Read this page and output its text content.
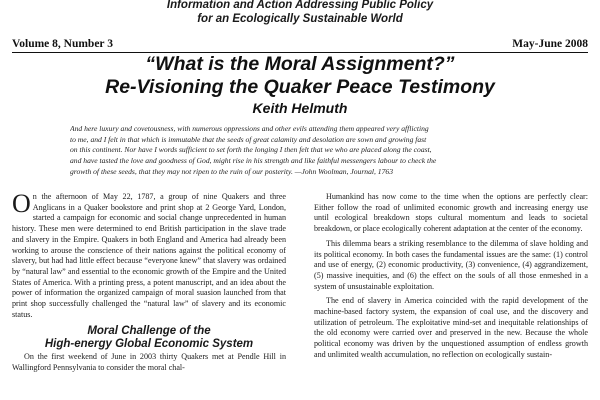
Information and Action Addressing Public Policy
for an Ecologically Sustainable World
Volume 8, Number 3	May-June 2008
“What is the Moral Assignment?”
Re-Visioning the Quaker Peace Testimony
Keith Helmuth
And here luxury and covetousness, with numerous oppressions and other evils attending them appeared very afflicting
to me, and I felt in that which is immutable that the seeds of great calamity and desolation are sown and growing fast
on this continent. Nor have I words sufficient to set forth the longing I then felt that we who are placed along the coast,
and have tasted the love and goodness of God, might rise in his strength and like faithful messengers labour to check the
growth of these seeds, that they may not ripen to the ruin of our posterity. —John Woolman, Journal, 1763

On the afternoon of May 22, 1787, a group of nine Quakers and three Anglicans in a Quaker bookstore and print shop at 2 George Yard, London, started a campaign for economic and social change unprecedented in human history. These men were determined to end British participation in the slave trade and slavery in the Empire. Quakers in both England and America had already been working to arouse the conscience of their nations against the political economy of slavery, but had had little effect because “everyone knew” that slavery was ordained by “natural law” and essential to the economic growth of the Empire and the United States of America. With a printing press, a potent manuscript, and an idea about the power of information the organized campaign of moral suasion launched from that print shop successfully challenged the “natural law” of slavery and its economic status.

Moral Challenge of the
High-energy Global Economic System

On the first weekend of June in 2003 thirty Quakers met at Pendle Hill in Wallingford Pennsylvania to consider the moral chal-

Humankind has now come to the time when the options are perfectly clear: Either follow the road of unlimited economic growth and increasing energy use until ecological breakdown stops cultural momentum and leads to societal breakdown, or place ecologically coherent adaptation at the center of the economy.

This dilemma bears a striking resemblance to the dilemma of slave holding and its political economy. In both cases the fundamental issues are the same: (1) control and use of energy, (2) economic productivity, (3) convenience, (4) aggrandizement, (5) massive inequities, and (6) the effect on the souls of all those enmeshed in a system of unsustainable exploitation.

The end of slavery in America coincided with the rapid development of the machine-based factory system, the expansion of coal use, and the discovery and utilization of petroleum. The exploitative mind-set and inequitable relationships of the old economy were carried over and preserved in the new. Because the whole political economy was driven by the unquestioned assumption of endless growth and unlimited wealth accumulation, no reflection on ecologically sustain-
